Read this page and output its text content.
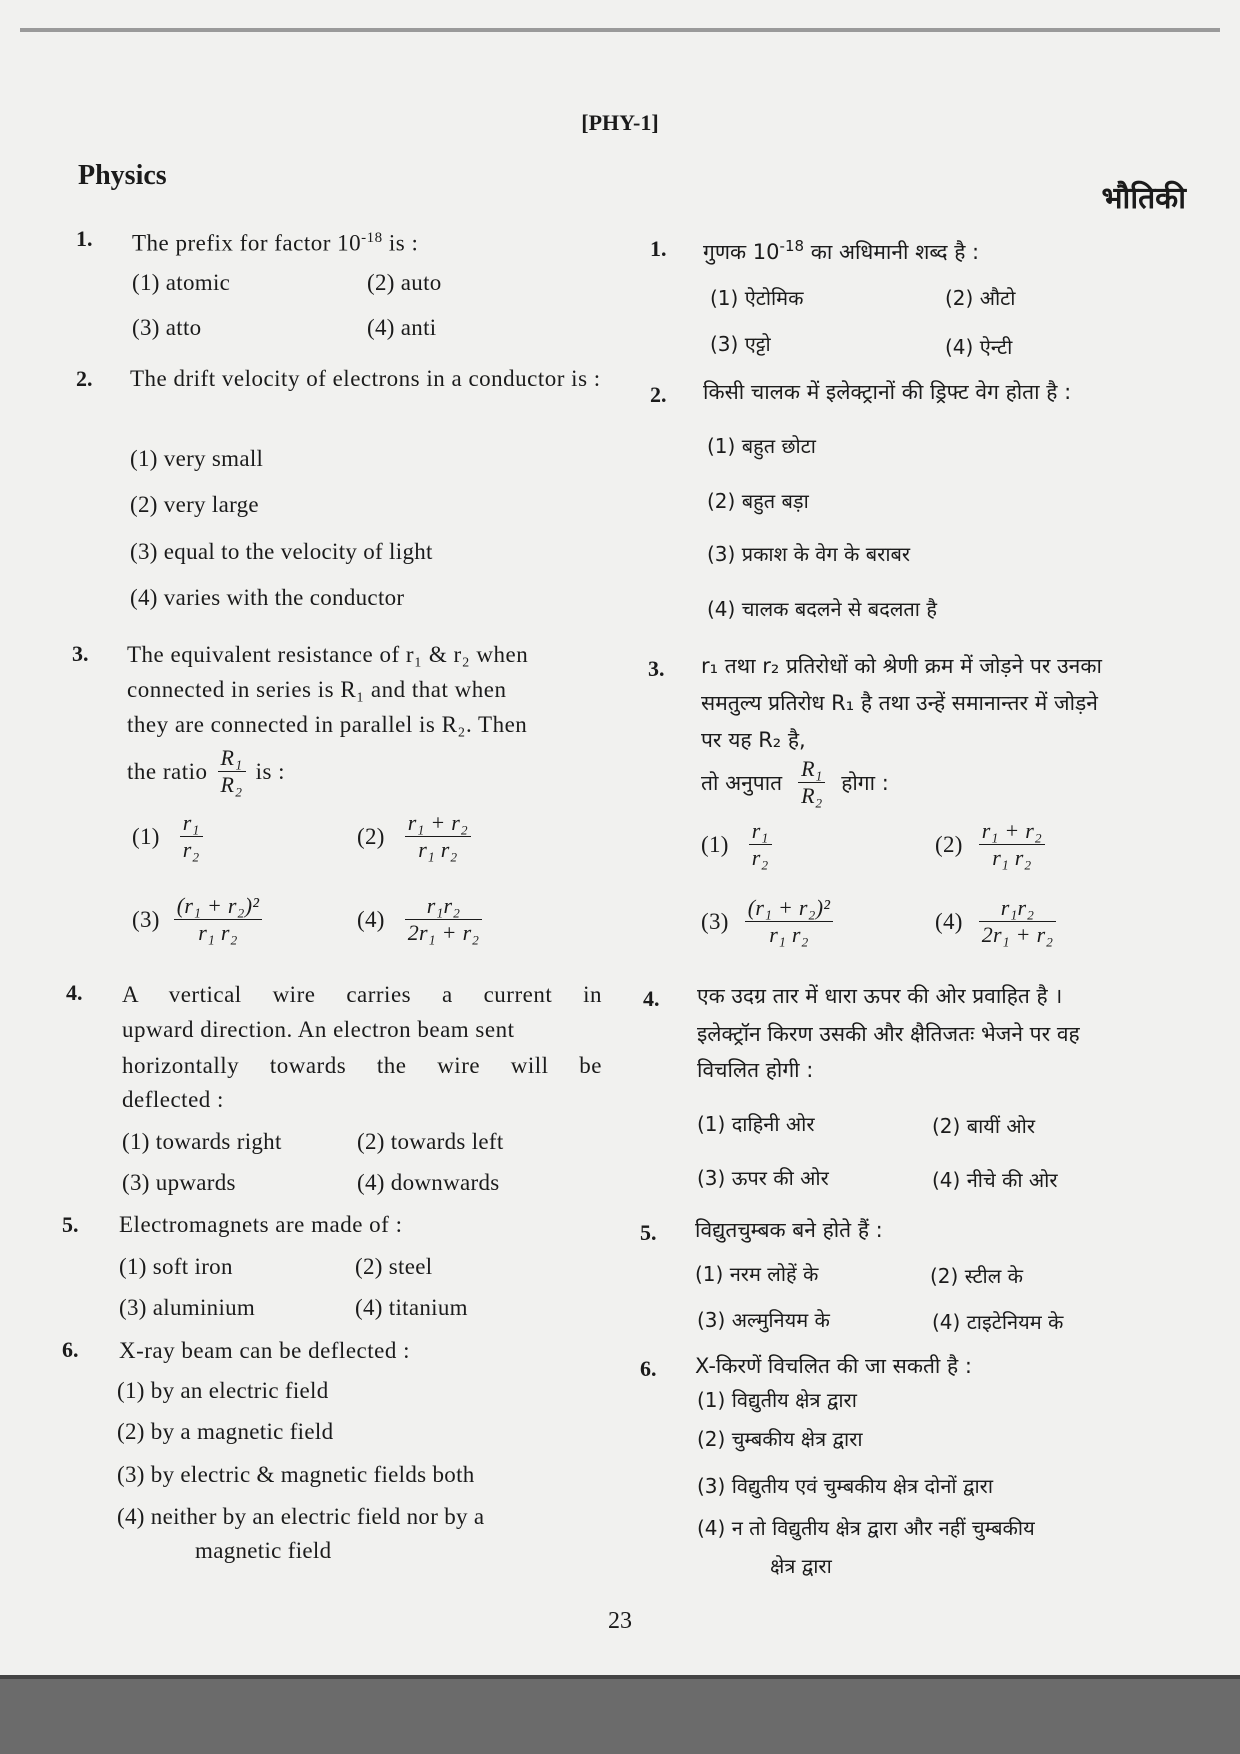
[PHY-1]
Physics
भौतिकी
1. The prefix for factor $10^{-18}$ is :
(1) atomic	(2) auto
(3) atto	(4) anti
2. The drift velocity of electrons in a conductor is :
(1) very small
(2) very large
(3) equal to the velocity of light
(4) varies with the conductor
3. The equivalent resistance of r₁ & r₂ when
connected in series is R₁ and that when
they are connected in parallel is R₂. Then
the ratio $\frac{\text{R₁}}{\text{R₂}}$ is :
$(1) \frac{\text{r₁}}{\text{r₂}}$	$(2) \frac{\text{r₁ + r₂}}{\text{r₁ r₂}}$
$(3) \frac{\text{(r₁ + r₂)²}}{\text{r₁ r₂}}$	$(4) \frac{\text{r₁r₂}}{\text{2r₁ + r₂}}$
4. A vertical wire carries a current in
upward direction. An electron beam sent
horizontally towards the wire will be
deflected :
(1) towards right	(2) towards left
(3) upwards	(4) downwards
5. Electromagnets are made of :
(1) soft iron	(2) steel
(3) aluminium	(4) titanium
6. X-ray beam can be deflected :
(1) by an electric field
(2) by a magnetic field
(3) by electric & magnetic fields both
(4) neither by an electric field nor by a
magnetic field
1. गुणक $10^{-18}$ का अधिमानी शब्द है :
(1) ऐटोमिक	(2) औटो
(3) एट्टो	(4) ऐन्टी
2. किसी चालक में इलेक्ट्रानों की ड्रिफ्ट वेग होता है :
(1) बहुत छोटा
(2) बहुत बड़ा
(3) प्रकाश के वेग के बराबर
(4) चालक बदलने से बदलता है
3. r₁ तथा r₂ प्रतिरोधों को श्रेणी क्रम में जोड़ने पर उनका
समतुल्य प्रतिरोध R₁ है तथा उन्हें समानान्तर में जोड़ने
पर यह R₂ है,
तो अनुपात $\frac{\text{R₁}}{\text{R₂}}$ होगा :
$(1) \frac{\text{r₁}}{\text{r₂}}$	$(2) \frac{\text{r₁ + r₂}}{\text{r₁ r₂}}$
$(3) \frac{\text{(r₁ + r₂)²}}{\text{r₁ r₂}}$	$(4) \frac{\text{r₁r₂}}{\text{2r₁ + r₂}}$
4. एक उदग्र तार में धारा ऊपर की ओर प्रवाहित है ।
इलेक्ट्रॉन किरण उसकी और क्षैतिजतः भेजने पर वह
विचलित होगी :
(1) दाहिनी ओर	(2) बायीं ओर
(3) ऊपर की ओर	(4) नीचे की ओर
5. विद्युतचुम्बक बने होते हैं :
(1) नरम लोहें के	(2) स्टील के
(3) अल्मुनियम के	(4) टाइटेनियम के
6. X-किरणें विचलित की जा सकती है :
(1) विद्युतीय क्षेत्र द्वारा
(2) चुम्बकीय क्षेत्र द्वारा
(3) विद्युतीय एवं चुम्बकीय क्षेत्र दोनों द्वारा
(4) न तो विद्युतीय क्षेत्र द्वारा और नहीं चुम्बकीय
क्षेत्र द्वारा
23
